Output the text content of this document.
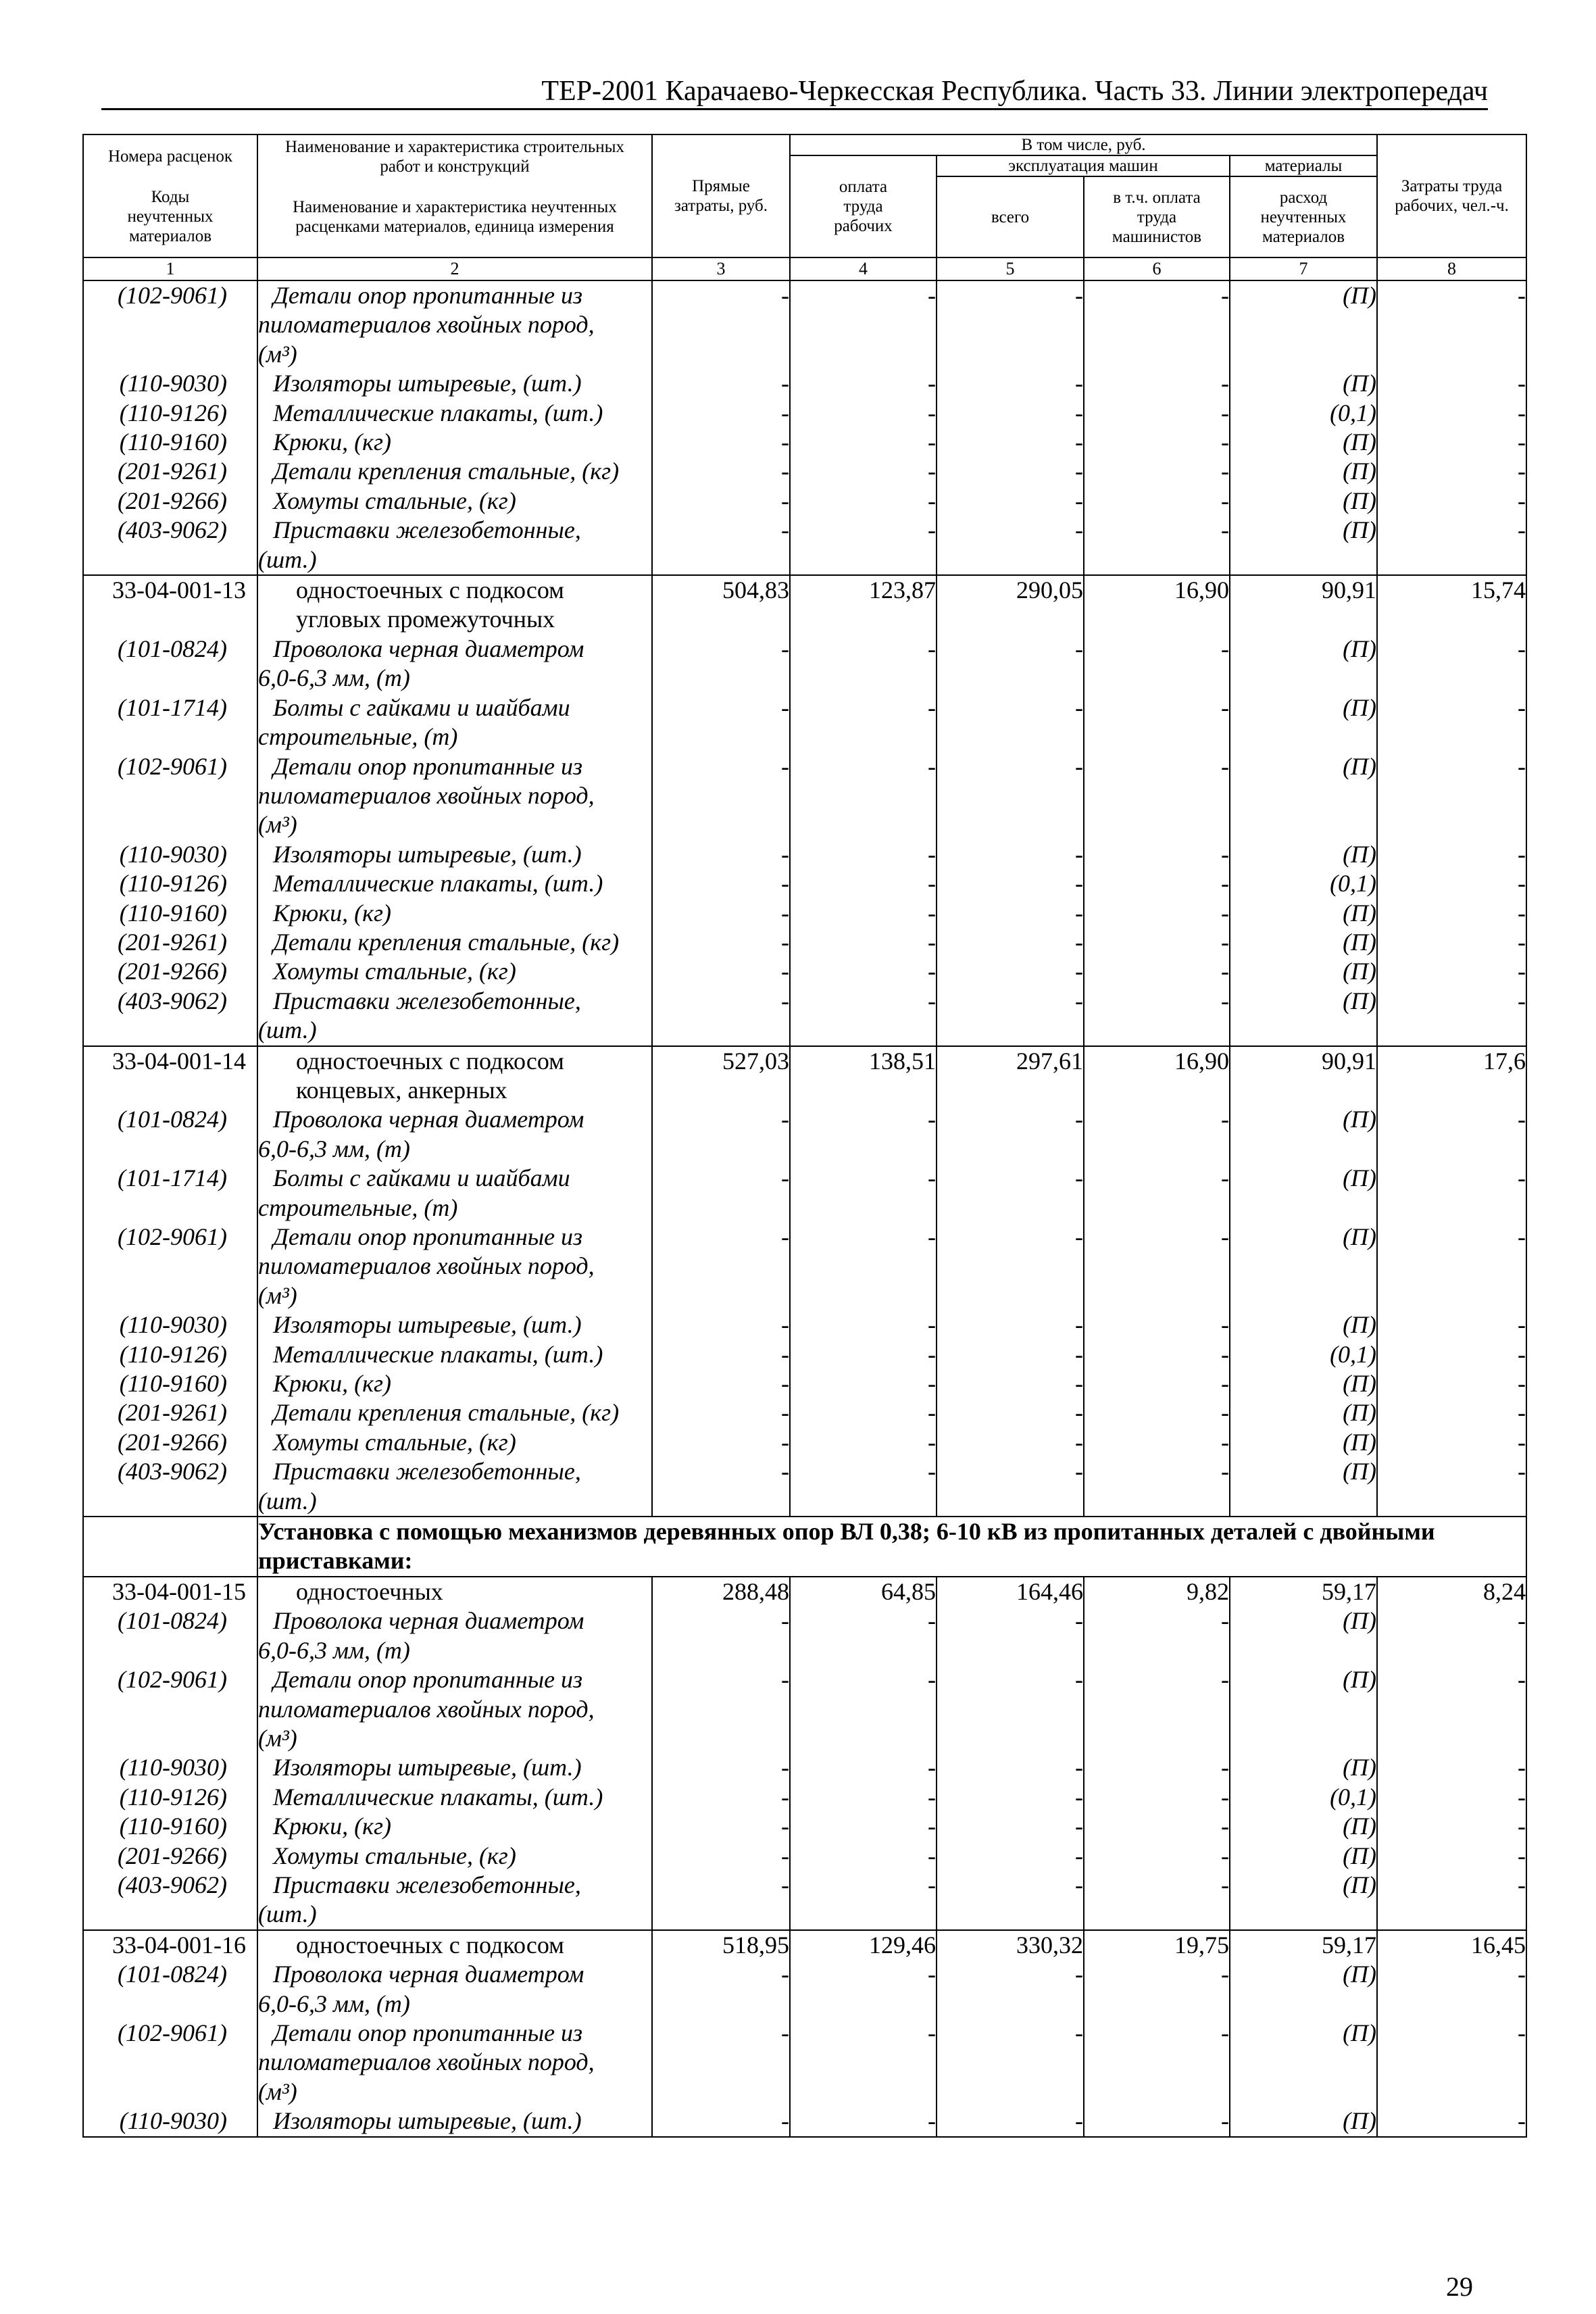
ТЕР-2001 Карачаево-Черкесская Республика. Часть 33. Линии электропередач
Номера расценок	Наименование и характеристика строительных работ и конструкций	Прямые затраты, руб.	В том числе, руб.				Затраты труда рабочих, чел.-ч.
			оплата труда рабочих	эксплуатация машин		материалы	
Коды неучтенных материалов	Наименование и характеристика неучтенных расценками материалов, единица измерения			всего	в т.ч. оплата труда машинистов	расход неучтенных материалов	

1	2	3	4	5	6	7	8
(102-9061)	Детали опор пропитанные из
пиломатериалов хвойных пород,
(м³)	-	-	-	-	(П)	-
(110-9030)	Изоляторы штыревые, (шт.)	-	-	-	-	(П)	-
(110-9126)	Металлические плакаты, (шт.)	-	-	-	-	(0,1)	-
(110-9160)	Крюки, (кг)	-	-	-	-	(П)	-
(201-9261)	Детали крепления стальные, (кг)	-	-	-	-	(П)	-
(201-9266)	Хомуты стальные, (кг)	-	-	-	-	(П)	-
(403-9062)	Приставки железобетонные,
(шт.)	-	-	-	-	(П)	-
33-04-001-13	одностоечных с подкосом
угловых промежуточных	504,83	123,87	290,05	16,90	90,91	15,74
(101-0824)	Проволока черная диаметром
6,0-6,3 мм, (т)	-	-	-	-	(П)	-
(101-1714)	Болты с гайками и шайбами
строительные, (т)	-	-	-	-	(П)	-
(102-9061)	Детали опор пропитанные из
пиломатериалов хвойных пород,
(м³)	-	-	-	-	(П)	-
(110-9030)	Изоляторы штыревые, (шт.)	-	-	-	-	(П)	-
(110-9126)	Металлические плакаты, (шт.)	-	-	-	-	(0,1)	-
(110-9160)	Крюки, (кг)	-	-	-	-	(П)	-
(201-9261)	Детали крепления стальные, (кг)	-	-	-	-	(П)	-
(201-9266)	Хомуты стальные, (кг)	-	-	-	-	(П)	-
(403-9062)	Приставки железобетонные,
(шт.)	-	-	-	-	(П)	-
33-04-001-14	одностоечных с подкосом
концевых, анкерных	527,03	138,51	297,61	16,90	90,91	17,6
(101-0824)	Проволока черная диаметром
6,0-6,3 мм, (т)	-	-	-	-	(П)	-
(101-1714)	Болты с гайками и шайбами
строительные, (т)	-	-	-	-	(П)	-
(102-9061)	Детали опор пропитанные из
пиломатериалов хвойных пород,
(м³)	-	-	-	-	(П)	-
(110-9030)	Изоляторы штыревые, (шт.)	-	-	-	-	(П)	-
(110-9126)	Металлические плакаты, (шт.)	-	-	-	-	(0,1)	-
(110-9160)	Крюки, (кг)	-	-	-	-	(П)	-
(201-9261)	Детали крепления стальные, (кг)	-	-	-	-	(П)	-
(201-9266)	Хомуты стальные, (кг)	-	-	-	-	(П)	-
(403-9062)	Приставки железобетонные,
(шт.)	-	-	-	-	(П)	-
	Установка с помощью механизмов деревянных опор ВЛ 0,38; 6-10 кВ из пропитанных деталей с двойными приставками:						
33-04-001-15	одностоечных	288,48	64,85	164,46	9,82	59,17	8,24
(101-0824)	Проволока черная диаметром
6,0-6,3 мм, (т)	-	-	-	-	(П)	-
(102-9061)	Детали опор пропитанные из
пиломатериалов хвойных пород,
(м³)	-	-	-	-	(П)	-
(110-9030)	Изоляторы штыревые, (шт.)	-	-	-	-	(П)	-
(110-9126)	Металлические плакаты, (шт.)	-	-	-	-	(0,1)	-
(110-9160)	Крюки, (кг)	-	-	-	-	(П)	-
(201-9266)	Хомуты стальные, (кг)	-	-	-	-	(П)	-
(403-9062)	Приставки железобетонные,
(шт.)	-	-	-	-	(П)	-
33-04-001-16	одностоечных с подкосом	518,95	129,46	330,32	19,75	59,17	16,45
(101-0824)	Проволока черная диаметром
6,0-6,3 мм, (т)	-	-	-	-	(П)	-
(102-9061)	Детали опор пропитанные из
пиломатериалов хвойных пород,
(м³)	-	-	-	-	(П)	-
(110-9030)	Изоляторы штыревые, (шт.)	-	-	-	-	(П)	-
29
